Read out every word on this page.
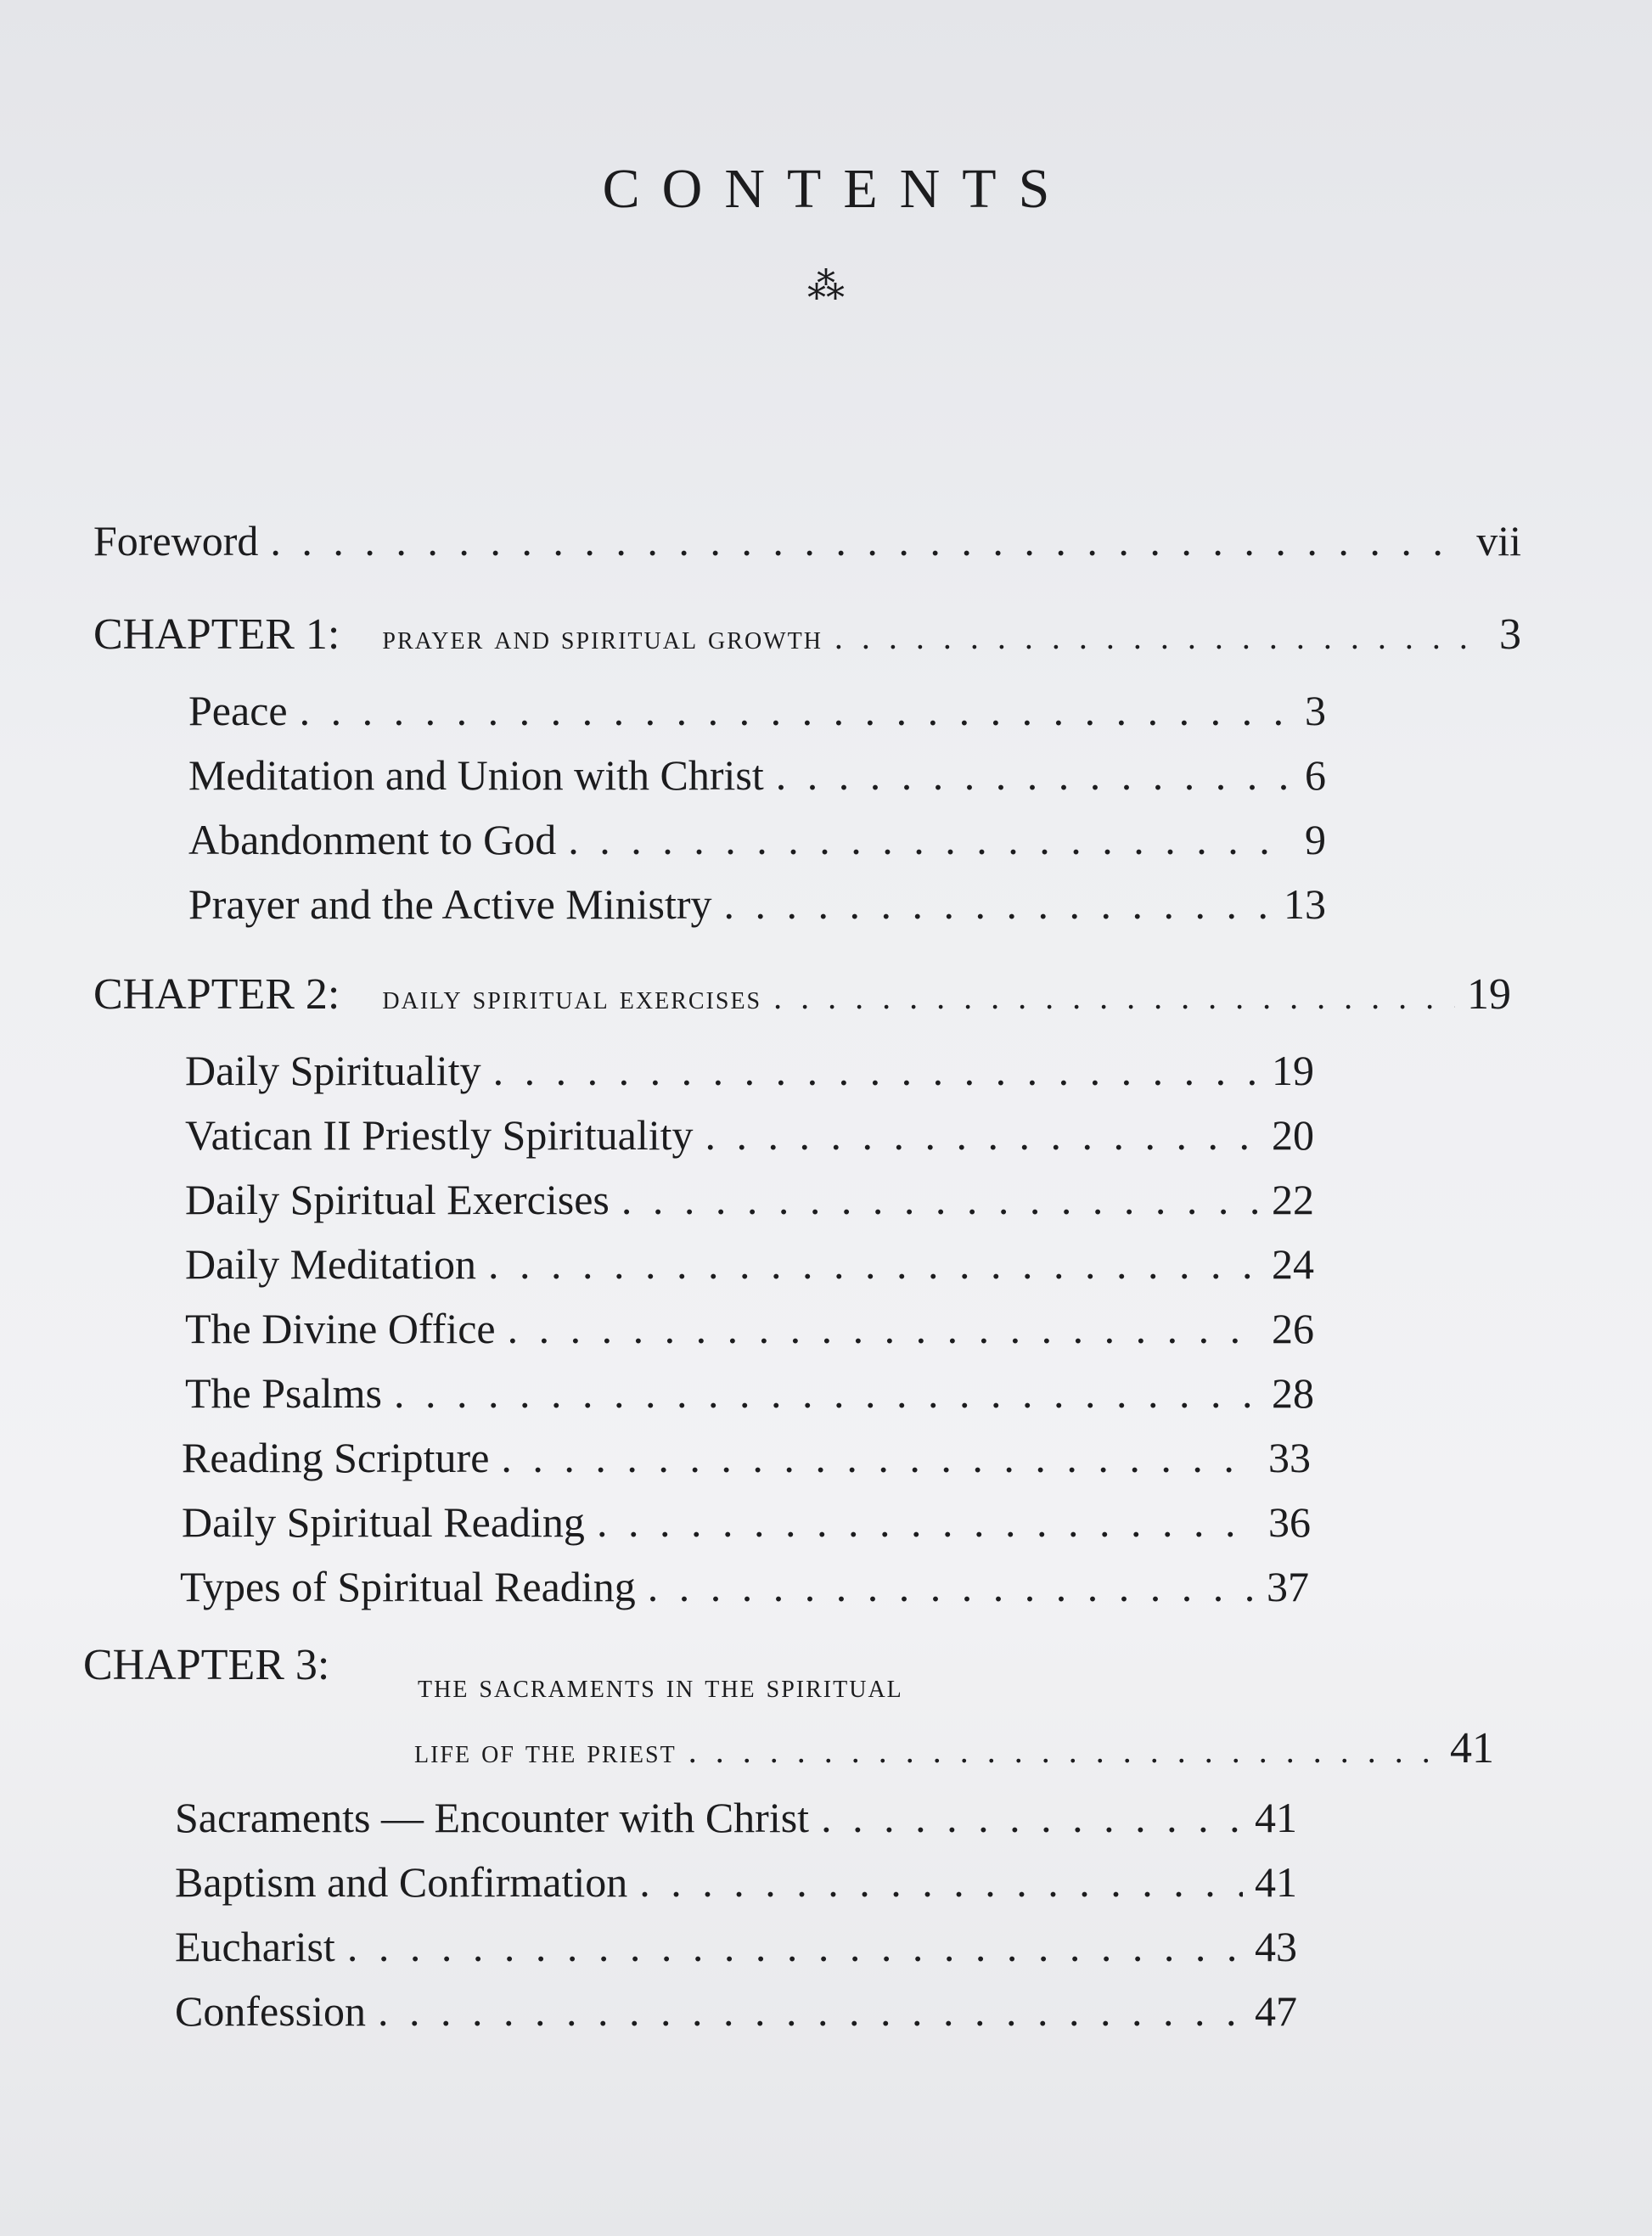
CONTENTS
⁂
Foreword . . .	vii
CHAPTER 1: prayer and spiritual growth . . .	3
Peace . . .	3
Meditation and Union with Christ . . .	6
Abandonment to God . . .	9
Prayer and the Active Ministry . . .	13
CHAPTER 2: daily spiritual exercises . . .	19
Daily Spirituality . . .	19
Vatican II Priestly Spirituality . . .	20
Daily Spiritual Exercises . . .	22
Daily Meditation . . .	24
The Divine Office . . .	26
The Psalms . . .	28
Reading Scripture . . .	33
Daily Spiritual Reading . . .	36
Types of Spiritual Reading . . .	37
CHAPTER 3:	the sacraments in the spiritual
life of the priest . . .	41
Sacraments — Encounter with Christ . . .	41
Baptism and Confirmation . . .	41
Eucharist . . .	43
Confession . . .	47
